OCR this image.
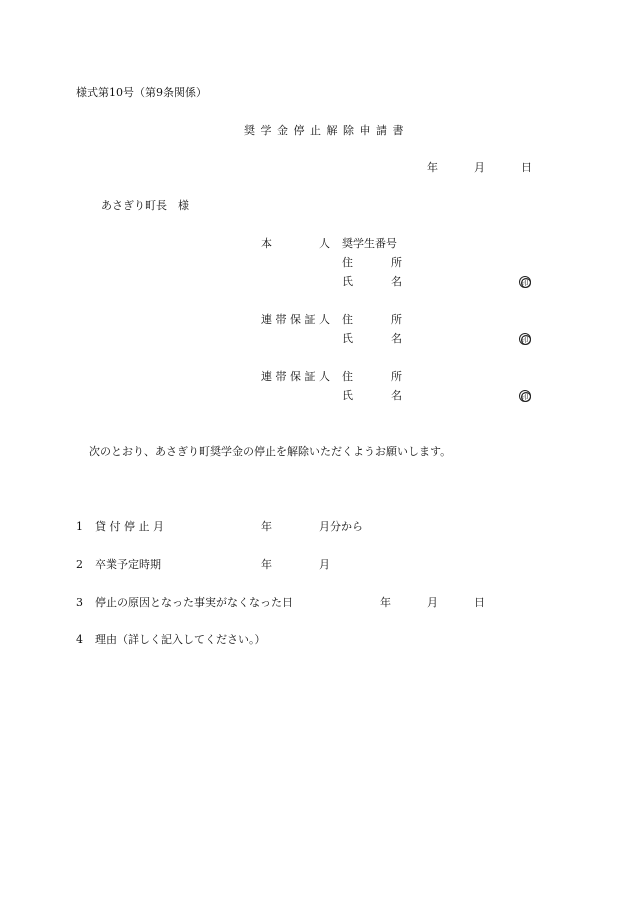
様式第10号（第9条関係）
奨 学 金 停 止 解 除 申 請 書
年	月	日
あさぎり町長　様
本	人 奨学生番号
住	所
氏	名	印
連 帯 保 証 人 住	所
氏	名	印
連 帯 保 証 人 住	所
氏	名	印
次のとおり、あさぎり町奨学金の停止を解除いただくようお願いします。
1 貸 付 停 止 月	年	月分から
2 卒業予定時期	年	月
3 停止の原因となった事実がなくなった日	年	月	日
4 理由（詳しく記入してください。）
